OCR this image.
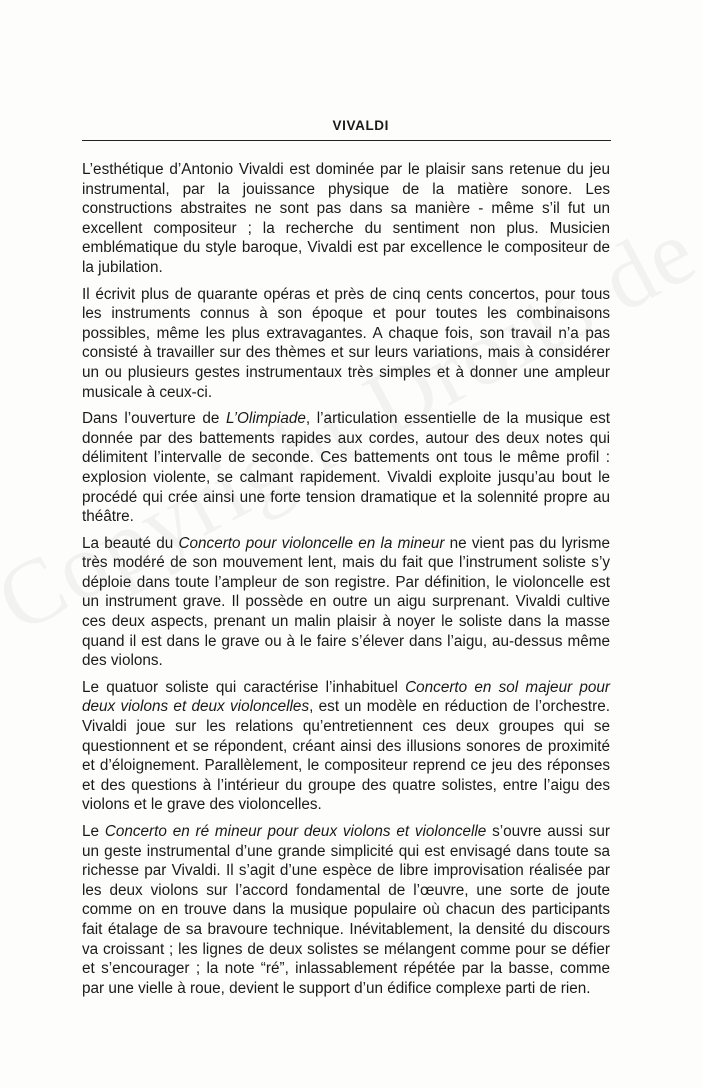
VIVALDI

L’esthétique d’Antonio Vivaldi est dominée par le plaisir sans retenue du jeu instrumental, par la jouissance physique de la matière sonore. Les constructions abstraites ne sont pas dans sa manière - même s’il fut un excellent compositeur ; la recherche du sentiment non plus. Musicien emblématique du style baroque, Vivaldi est par excellence le compositeur de la jubilation.

Il écrivit plus de quarante opéras et près de cinq cents concertos, pour tous les instruments connus à son époque et pour toutes les combinaisons possibles, même les plus extravagantes. A chaque fois, son travail n’a pas consisté à travailler sur des thèmes et sur leurs variations, mais à considérer un ou plusieurs gestes instrumentaux très simples et à donner une ampleur musicale à ceux-ci.

Dans l’ouverture de L’Olimpiade, l’articulation essentielle de la musique est donnée par des battements rapides aux cordes, autour des deux notes qui délimitent l’intervalle de seconde. Ces battements ont tous le même profil : explosion violente, se calmant rapidement. Vivaldi exploite jusqu’au bout le procédé qui crée ainsi une forte tension dramatique et la solennité propre au théâtre.

La beauté du Concerto pour violoncelle en la mineur ne vient pas du lyrisme très modéré de son mouvement lent, mais du fait que l’instrument soliste s’y déploie dans toute l’ampleur de son registre. Par définition, le violoncelle est un instrument grave. Il possède en outre un aigu surprenant. Vivaldi cultive ces deux aspects, prenant un malin plaisir à noyer le soliste dans la masse quand il est dans le grave ou à le faire s’élever dans l’aigu, au-dessus même des violons.

Le quatuor soliste qui caractérise l’inhabituel Concerto en sol majeur pour deux violons et deux violoncelles, est un modèle en réduction de l’orchestre. Vivaldi joue sur les relations qu’entretiennent ces deux groupes qui se questionnent et se répondent, créant ainsi des illusions sonores de proximité et d’éloignement. Parallèlement, le compositeur reprend ce jeu des réponses et des questions à l’intérieur du groupe des quatre solistes, entre l’aigu des violons et le grave des violoncelles.

Le Concerto en ré mineur pour deux violons et violoncelle s’ouvre aussi sur un geste instrumental d’une grande simplicité qui est envisagé dans toute sa richesse par Vivaldi. Il s’agit d’une espèce de libre improvisation réalisée par les deux violons sur l’accord fondamental de l’œuvre, une sorte de joute comme on en trouve dans la musique populaire où chacun des participants fait étalage de sa bravoure technique. Inévitablement, la densité du discours va croissant ; les lignes de deux solistes se mélangent comme pour se défier et s’encourager ; la note “ré”, inlassablement répétée par la basse, comme par une vielle à roue, devient le support d’un édifice complexe parti de rien.
